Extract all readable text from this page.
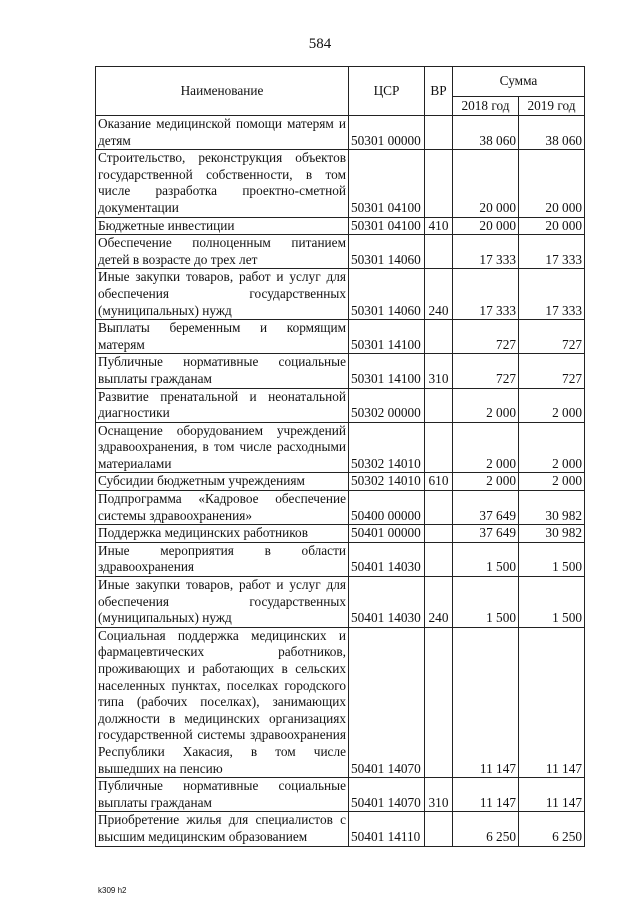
584
Наименование	ЦСР	ВР	Сумма	
			2018 год	2019 год
Оказание медицинской помощи матерям и детям	50301 00000		38 060	38 060
Строительство, реконструкция объектов государственной собственности, в том числе разработка проектно-сметной документации	50301 04100		20 000	20 000
Бюджетные инвестиции	50301 04100	410	20 000	20 000
Обеспечение полноценным питанием детей в возрасте до трех лет	50301 14060		17 333	17 333
Иные закупки товаров, работ и услуг для обеспечения государственных (муниципальных) нужд	50301 14060	240	17 333	17 333
Выплаты беременным и кормящим матерям	50301 14100		727	727
Публичные нормативные социальные выплаты гражданам	50301 14100	310	727	727
Развитие пренатальной и неонатальной диагностики	50302 00000		2 000	2 000
Оснащение оборудованием учреждений здравоохранения, в том числе расходными материалами	50302 14010		2 000	2 000
Субсидии бюджетным учреждениям	50302 14010	610	2 000	2 000
Подпрограмма «Кадровое обеспечение системы здравоохранения»	50400 00000		37 649	30 982
Поддержка медицинских работников	50401 00000		37 649	30 982
Иные мероприятия в области здравоохранения	50401 14030		1 500	1 500
Иные закупки товаров, работ и услуг для обеспечения государственных (муниципальных) нужд	50401 14030	240	1 500	1 500
Социальная поддержка медицинских и фармацевтических работников, проживающих и работающих в сельских населенных пунктах, поселках городского типа (рабочих поселках), занимающих должности в медицинских организациях государственной системы здравоохранения Республики Хакасия, в том числе вышедших на пенсию	50401 14070		11 147	11 147
Публичные нормативные социальные выплаты гражданам	50401 14070	310	11 147	11 147
Приобретение жилья для специалистов с высшим медицинским образованием	50401 14110		6 250	6 250
k309 h2
